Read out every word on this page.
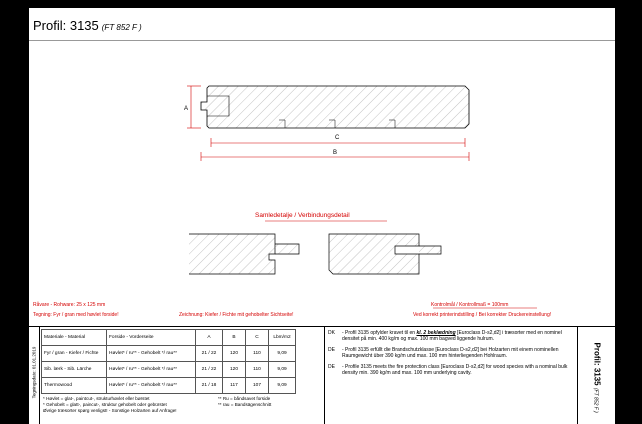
Profil: 3135 (FT 852 F )
A
C
B
Samledetalje / Verbindungsdetail
Råvare - Rohware: 25 x 125 mm
Tegning: Fyr / gran med høvlet forside!	Zeichnung: Kiefer / Fichte mit gehobelter Sichtseite!
Kontrolmål / Kontrollmaß = 100mm
Ved korrekt printerindstilling / Bei korrekter Druckereinstellung!
Tegningsdato: 01.01.2019
Materiale - Material	Forside - Vorderseite	A	B	C	Lbm/m2
Fyr / gran - Kiefer / Fichte	Høvlet* / ru** - Gehobelt */ rau**	21 / 22	120	110	9,09
Sib. lærk - Sib. Lärche	Høvlet* / ru** - Gehobelt */ rau**	21 / 22	120	110	9,09
Thermowood	Høvlet* / ru** - Gehobelt */ rau**	21 / 18	117	107	9,09
* Høvlet = glat-, paintcut-, strukturhøvlet eller børstet
* Gehobelt = glatt-, paincut-, struktur gehobelt oder gebürstet
Øvrige træsorter spørg venligst! - Sonstige Holzarten auf Anfrage!
** Ru = båndsavet forside
** rau = Bandsägenschnitt
DK - Profil 3135 opfylder kravet til en kl. 2 beklædning [Euroclass D-s2,d2] i træsorter med en nominel densitet på min. 400 kg/m og max. 100 mm bagved liggende hulrum.
DE - Profil 3135 erfüllt die Brandschutzklasse [Euroclass D-s2,d2] bei Holzarten mit einem nominellen Raumgewicht über 390 kg/m und max. 100 mm hinterliegenden Hohlraum.
DE - Profile 3135 meets the fire protection class [Euroclass D-s2,d2] for wood species with a nominal bulk density min. 390 kg/m and max. 100 mm underlying cavity.	Profil: 3135 (FT 852 F )
